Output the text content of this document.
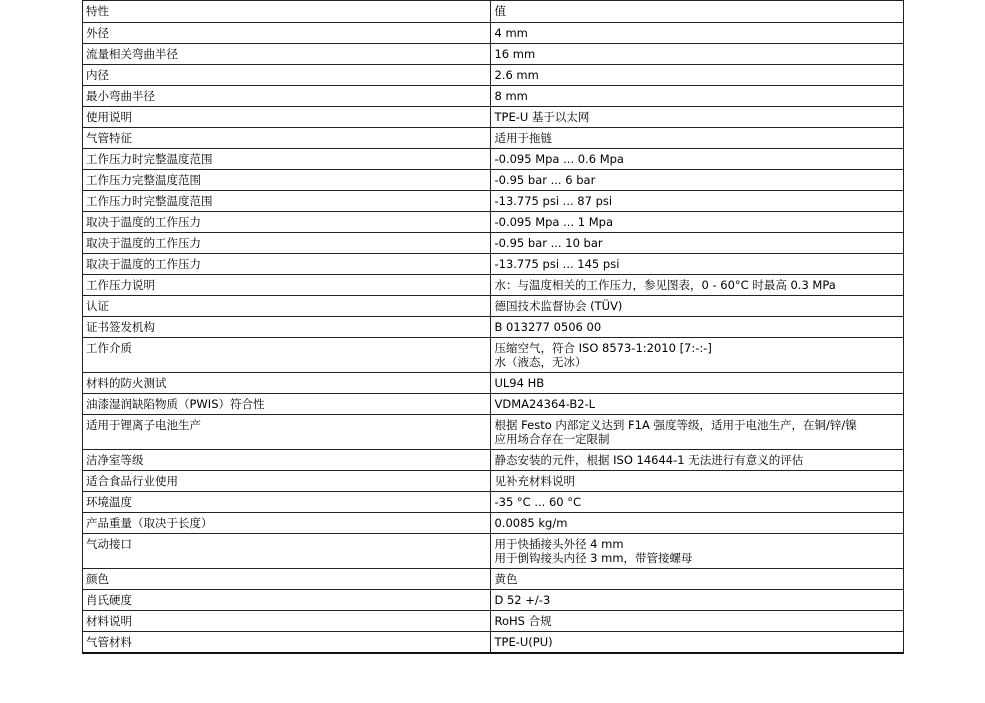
特性	值
外径	4 mm
流量相关弯曲半径	16 mm
内径	2.6 mm
最小弯曲半径	8 mm
使用说明	TPE-U 基于以太网
气管特征	适用于拖链
工作压力时完整温度范围	-0.095 Mpa ... 0.6 Mpa
工作压力完整温度范围	-0.95 bar ... 6 bar
工作压力时完整温度范围	-13.775 psi ... 87 psi
取决于温度的工作压力	-0.095 Mpa ... 1 Mpa
取决于温度的工作压力	-0.95 bar ... 10 bar
取决于温度的工作压力	-13.775 psi ... 145 psi
工作压力说明	水：与温度相关的工作压力，参见图表，0 - 60°C 时最高 0.3 MPa
认证	德国技术监督协会 (TÜV)
证书签发机构	B 013277 0506 00
工作介质	压缩空气，符合 ISO 8573-1:2010 [7:-:-]
水（液态，无冰）
材料的防火测试	UL94 HB
油漆湿润缺陷物质（PWIS）符合性	VDMA24364-B2-L
适用于锂离子电池生产	根据 Festo 内部定义达到 F1A 强度等级，适用于电池生产，在铜/锌/镍
应用场合存在一定限制
洁净室等级	静态安装的元件，根据 ISO 14644-1 无法进行有意义的评估
适合食品行业使用	见补充材料说明
环境温度	-35 °C ... 60 °C
产品重量（取决于长度）	0.0085 kg/m
气动接口	用于快插接头外径 4 mm
用于倒钩接头内径 3 mm，带管接螺母
颜色	黄色
肖氏硬度	D 52 +/-3
材料说明	RoHS 合规
气管材料	TPE-U(PU)
